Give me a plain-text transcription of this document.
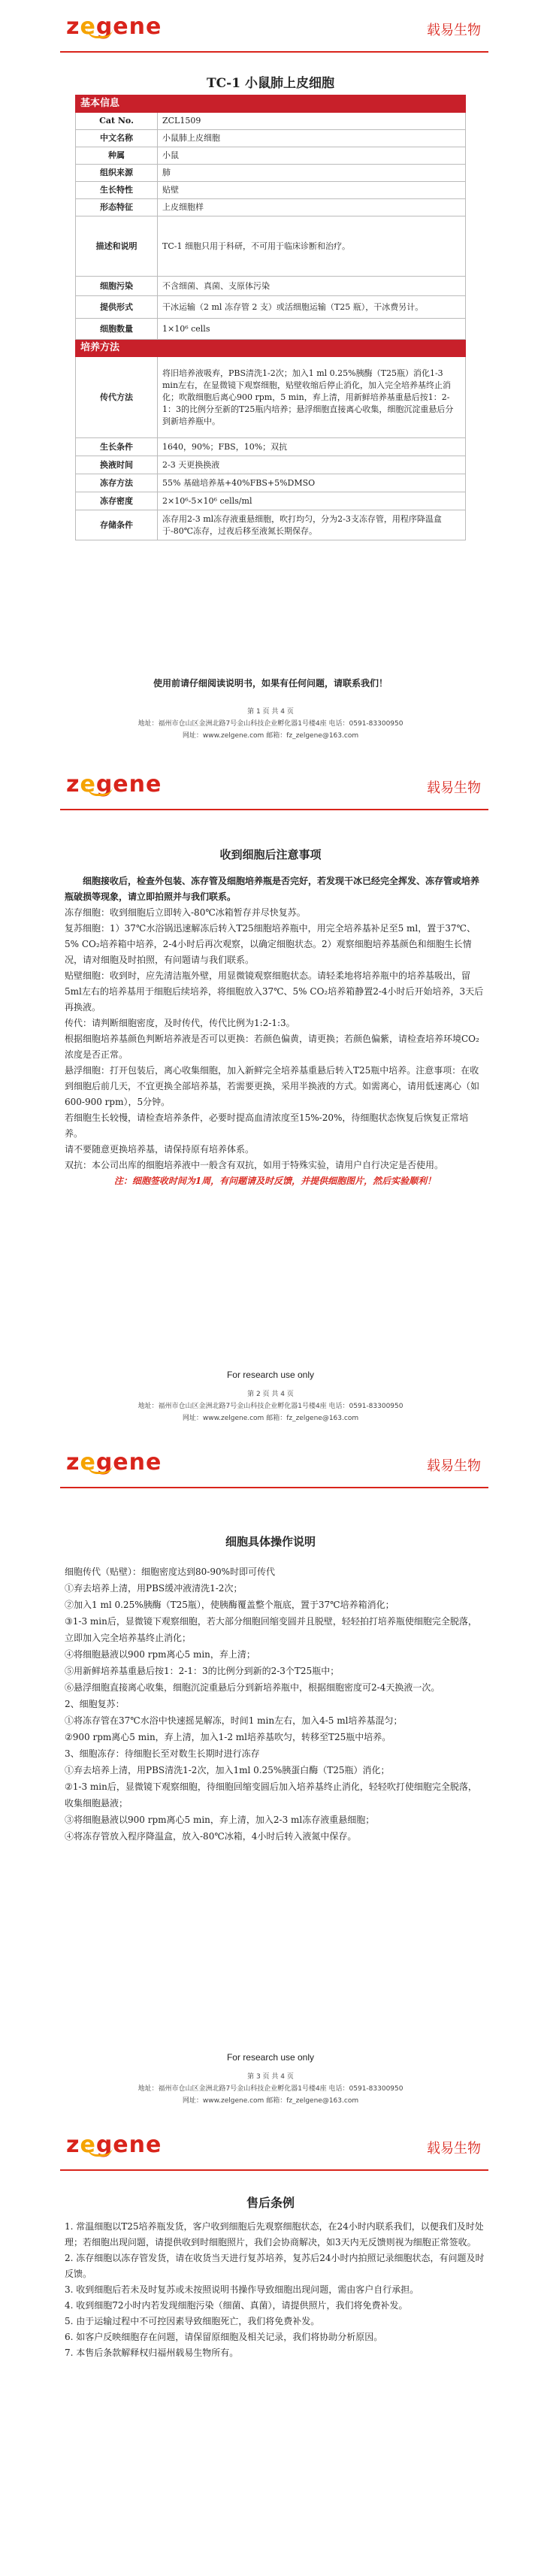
zegene	载易生物
TC-1 小鼠肺上皮细胞
基本信息	
Cat No.	ZCL1509
中文名称	小鼠肺上皮细胞
种属	小鼠
组织来源	肺
生长特性	贴壁
形态特征	上皮细胞样
描述和说明	TC-1 细胞只用于科研，不可用于临床诊断和治疗。
细胞污染	不含细菌、真菌、支原体污染
提供形式	干冰运输（2 ml 冻存管 2 支）或活细胞运输（T25 瓶），干冰费另计。
细胞数量	1×10⁶ cells
培养方法	
传代方法	将旧培养液吸弃，PBS清洗1-2次；加入1 ml 0.25%胰酶（T25瓶）消化1-3 min左右，在显微镜下观察细胞，贴壁收缩后停止消化，加入完全培养基终止消化；吹散细胞后离心900 rpm，5 min，弃上清，用新鲜培养基重悬后按1：2-1：3的比例分至新的T25瓶内培养；悬浮细胞直接离心收集，细胞沉淀重悬后分到新培养瓶中。
生长条件	1640，90%；FBS，10%；双抗
换液时间	2-3 天更换换液
冻存方法	55% 基础培养基+40%FBS+5%DMSO
冻存密度	2×10⁶-5×10⁶ cells/ml
存储条件	冻存用2-3 ml冻存液重悬细胞，吹打均匀，分为2-3支冻存管，用程序降温盒于-80℃冻存，过夜后移至液氮长期保存。
使用前请仔细阅读说明书，如果有任何问题，请联系我们！
第 1 页 共 4 页
地址：福州市仓山区金洲北路7号金山科技企业孵化器1号楼4座 电话：0591-83300950
网址：www.zelgene.com 邮箱：fz_zelgene@163.com
zegene	载易生物
收到细胞后注意事项

细胞接收后，检查外包装、冻存管及细胞培养瓶是否完好，若发现干冰已经完全挥发、冻存管或培养瓶破损等现象，请立即拍照并与我们联系。

冻存细胞：收到细胞后立即转入-80℃冰箱暂存并尽快复苏。

复苏细胞：1）37℃水浴锅迅速解冻后转入T25细胞培养瓶中，用完全培养基补足至5 ml，置于37℃、5% CO₂培养箱中培养，2-4小时后再次观察，以确定细胞状态。2）观察细胞培养基颜色和细胞生长情况，请对细胞及时拍照，有问题请与我们联系。

贴壁细胞：收到时，应先清洁瓶外壁，用显微镜观察细胞状态。请轻柔地将培养瓶中的培养基吸出，留5ml左右的培养基用于细胞后续培养，将细胞放入37℃、5% CO₂培养箱静置2-4小时后开始培养，3天后再换液。

传代：请判断细胞密度，及时传代，传代比例为1:2-1:3。

根据细胞培养基颜色判断培养液是否可以更换：若颜色偏黄，请更换；若颜色偏紫，请检查培养环境CO₂浓度是否正常。

悬浮细胞：打开包装后，离心收集细胞，加入新鲜完全培养基重悬后转入T25瓶中培养。注意事项：在收到细胞后前几天，不宜更换全部培养基，若需要更换，采用半换液的方式。如需离心，请用低速离心（如600-900 rpm），5分钟。

若细胞生长较慢，请检查培养条件，必要时提高血清浓度至15%-20%，待细胞状态恢复后恢复正常培养。

请不要随意更换培养基，请保持原有培养体系。

双抗：本公司出库的细胞培养液中一般含有双抗，如用于特殊实验，请用户自行决定是否使用。

注：细胞签收时间为1周，有问题请及时反馈，并提供细胞图片，然后实验顺利！

For research use only
第 2 页 共 4 页
地址：福州市仓山区金洲北路7号金山科技企业孵化器1号楼4座 电话：0591-83300950
网址：www.zelgene.com 邮箱：fz_zelgene@163.com
zegene	载易生物
细胞具体操作说明

细胞传代（贴壁）：细胞密度达到80-90%时即可传代

①弃去培养上清，用PBS缓冲液清洗1-2次；

②加入1 ml 0.25%胰酶（T25瓶），使胰酶覆盖整个瓶底，置于37℃培养箱消化；

③1-3 min后，显微镜下观察细胞，若大部分细胞回缩变圆并且脱壁，轻轻拍打培养瓶使细胞完全脱落，立即加入完全培养基终止消化；

④将细胞悬液以900 rpm离心5 min，弃上清；

⑤用新鲜培养基重悬后按1：2-1：3的比例分到新的2-3个T25瓶中；

⑥悬浮细胞直接离心收集，细胞沉淀重悬后分到新培养瓶中，根据细胞密度可2-4天换液一次。

2、细胞复苏：

①将冻存管在37℃水浴中快速摇晃解冻，时间1 min左右，加入4-5 ml培养基混匀；

②900 rpm离心5 min，弃上清，加入1-2 ml培养基吹匀，转移至T25瓶中培养。

3、细胞冻存：待细胞长至对数生长期时进行冻存

①弃去培养上清，用PBS清洗1-2次，加入1ml 0.25%胰蛋白酶（T25瓶）消化；

②1-3 min后，显微镜下观察细胞，待细胞回缩变圆后加入培养基终止消化，轻轻吹打使细胞完全脱落，收集细胞悬液；

③将细胞悬液以900 rpm离心5 min，弃上清，加入2-3 ml冻存液重悬细胞；

④将冻存管放入程序降温盒，放入-80℃冰箱，4小时后转入液氮中保存。

For research use only
第 3 页 共 4 页
地址：福州市仓山区金洲北路7号金山科技企业孵化器1号楼4座 电话：0591-83300950
网址：www.zelgene.com 邮箱：fz_zelgene@163.com
zegene	载易生物
售后条例

1. 常温细胞以T25培养瓶发货，客户收到细胞后先观察细胞状态，在24小时内联系我们，以便我们及时处理；若细胞出现问题，请提供收到时细胞照片，我们会协商解决，如3天内无反馈则视为细胞正常签收。

2. 冻存细胞以冻存管发货，请在收货当天进行复苏培养，复苏后24小时内拍照记录细胞状态，有问题及时反馈。

3. 收到细胞后若未及时复苏或未按照说明书操作导致细胞出现问题，需由客户自行承担。

4. 收到细胞72小时内若发现细胞污染（细菌、真菌），请提供照片，我们将免费补发。

5. 由于运输过程中不可控因素导致细胞死亡，我们将免费补发。

6. 如客户反映细胞存在问题，请保留原细胞及相关记录，我们将协助分析原因。

7. 本售后条款解释权归福州载易生物所有。
